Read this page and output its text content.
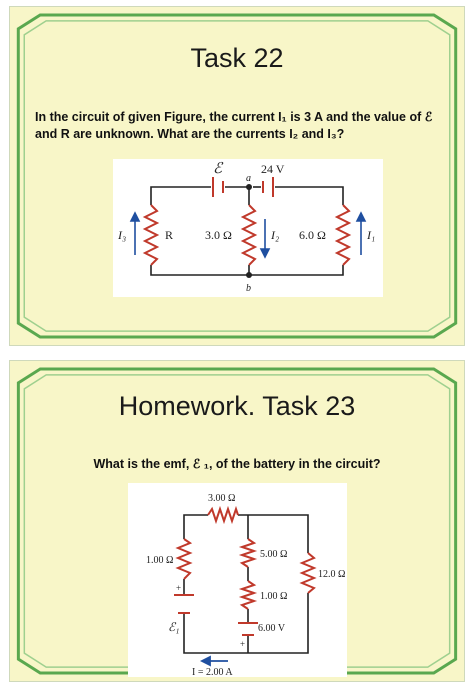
Task 22
In the circuit of given Figure, the current I₁ is 3 A and the value of ℰ
and R are unknown. What are the currents I₂ and I₃?
ℰ	24 V
a
b
R	3.0 Ω	6.0 Ω
I₃	I₂	I₁
Homework. Task 23
What is the emf, ℰ ₁, of the battery in the circuit?
3.00 Ω
1.00 Ω
5.00 Ω
1.00 Ω
12.0 Ω
6.00 V
+
+
ℰ₁
I = 2.00 A
